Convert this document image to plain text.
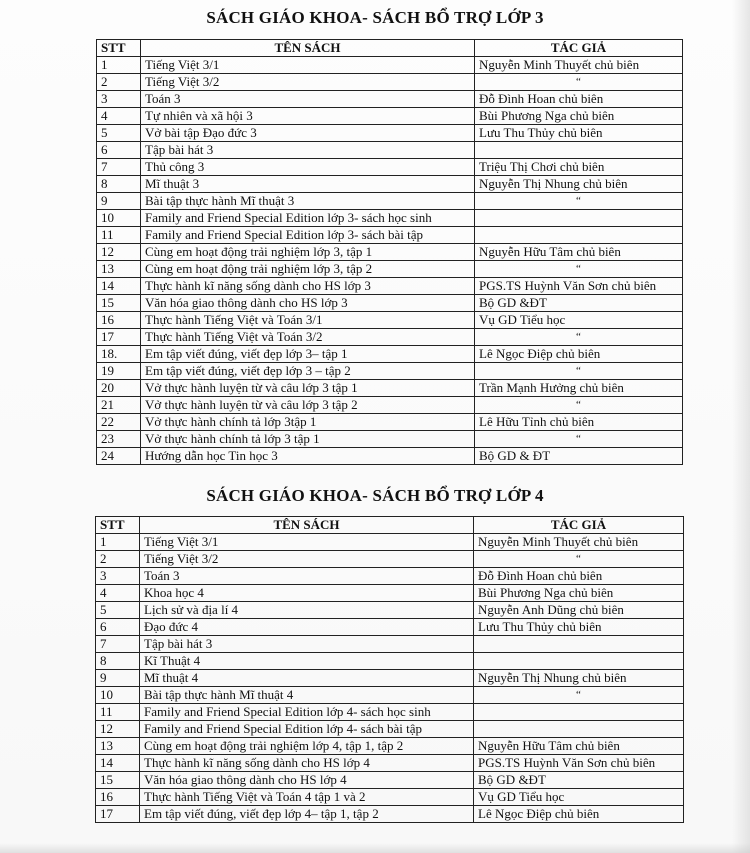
SÁCH GIÁO KHOA- SÁCH BỔ TRỢ LỚP 3
STT	TÊN SÁCH	TÁC GIẢ
1	Tiếng Việt 3/1	Nguyễn Minh Thuyết chủ biên
2	Tiếng Việt 3/2	“
3	Toán 3	Đỗ Đình Hoan chủ biên
4	Tự nhiên và xã hội 3	Bùi Phương Nga chủ biên
5	Vở bài tập Đạo đức 3	Lưu Thu Thủy chủ biên
6	Tập bài hát 3	
7	Thủ công 3	Triệu Thị Chơi chủ biên
8	Mĩ thuật 3	Nguyễn Thị Nhung chủ biên
9	Bài tập thực hành Mĩ thuật 3	“
10	Family and Friend Special Edition lớp 3- sách học sinh	
11	Family and Friend Special Edition lớp 3- sách bài tập	
12	Cùng em hoạt động trải nghiệm lớp 3, tập 1	Nguyễn Hữu Tâm chủ biên
13	Cùng em hoạt động trải nghiệm lớp 3, tập 2	“
14	Thực hành kĩ năng sống dành cho HS lớp 3	PGS.TS Huỳnh Văn Sơn chủ biên
15	Văn hóa giao thông dành cho HS lớp 3	Bộ GD &ĐT
16	Thực hành Tiếng Việt và Toán 3/1	Vụ GD Tiểu học
17	Thực hành Tiếng Việt và Toán 3/2	“
18.	Em tập viết đúng, viết đẹp lớp 3– tập 1	Lê Ngọc Điệp chủ biên
19	Em tập viết đúng, viết đẹp lớp 3 – tập 2	“
20	Vở thực hành luyện từ và câu lớp 3 tập 1	Trần Mạnh Hưởng chủ biên
21	Vở thực hành luyện từ và câu lớp 3 tập 2	“
22	Vở thực hành chính tả lớp 3tập 1	Lê Hữu Tỉnh chủ biên
23	Vở thực hành chính tả lớp 3 tập 1	“
24	Hướng dẫn học Tin học 3	Bộ GD & ĐT
SÁCH GIÁO KHOA- SÁCH BỔ TRỢ LỚP 4
STT	TÊN SÁCH	TÁC GIẢ
1	Tiếng Việt 3/1	Nguyễn Minh Thuyết chủ biên
2	Tiếng Việt 3/2	“
3	Toán 3	Đỗ Đình Hoan chủ biên
4	Khoa học 4	Bùi Phương Nga chủ biên
5	Lịch sử và địa lí 4	Nguyễn Anh Dũng chủ biên
6	Đạo đức 4	Lưu Thu Thủy chủ biên
7	Tập bài hát 3	
8	Kĩ Thuật 4	
9	Mĩ thuật 4	Nguyễn Thị Nhung chủ biên
10	Bài tập thực hành Mĩ thuật 4	“
11	Family and Friend Special Edition lớp 4- sách học sinh	
12	Family and Friend Special Edition lớp 4- sách bài tập	
13	Cùng em hoạt động trải nghiệm lớp 4, tập 1, tập 2	Nguyễn Hữu Tâm chủ biên
14	Thực hành kĩ năng sống dành cho HS lớp 4	PGS.TS Huỳnh Văn Sơn chủ biên
15	Văn hóa giao thông dành cho HS lớp 4	Bộ GD &ĐT
16	Thực hành Tiếng Việt và Toán 4 tập 1 và 2	Vụ GD Tiểu học
17	Em tập viết đúng, viết đẹp lớp 4– tập 1, tập 2	Lê Ngọc Điệp chủ biên
